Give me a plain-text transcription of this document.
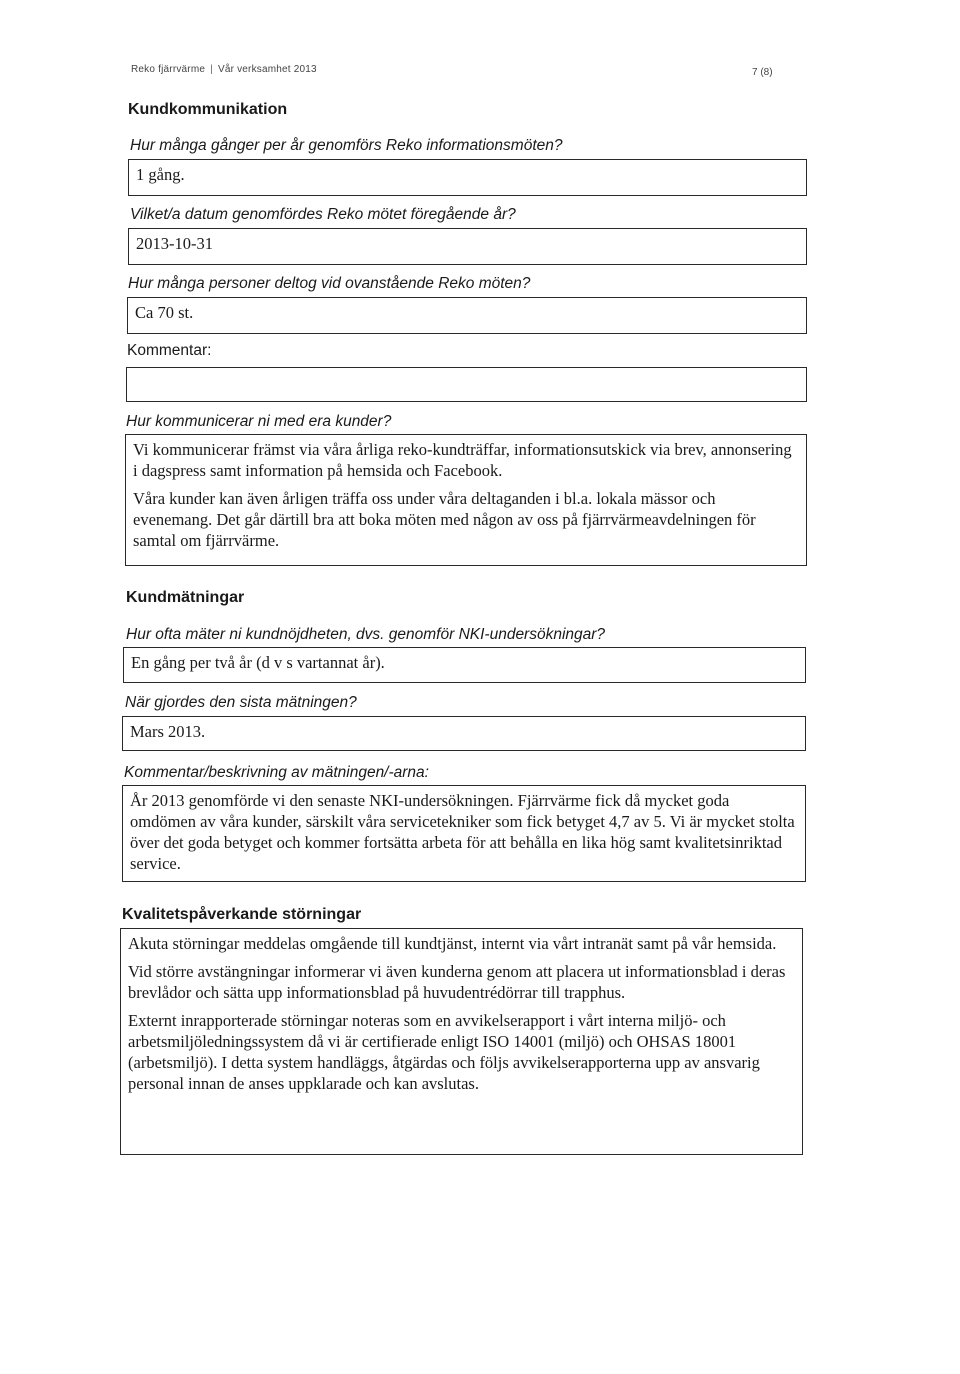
Reko fjärrvärme | Vår verksamhet 2013	7 (8)
Kundkommunikation
Hur många gånger per år genomförs Reko informationsmöten?

1 gång.

Vilket/a datum genomfördes Reko mötet föregående år?

2013-10-31

Hur många personer deltog vid ovanstående Reko möten?

Ca 70 st.

Kommentar:

Hur kommunicerar ni med era kunder?

Vi kommunicerar främst via våra årliga reko-kundträffar, informationsutskick via brev, annonsering i dagspress samt information på hemsida och Facebook.

Våra kunder kan även årligen träffa oss under våra deltaganden i bl.a. lokala mässor och evenemang. Det går därtill bra att boka möten med någon av oss på fjärrvärmeavdelningen för samtal om fjärrvärme.

Kundmätningar
Hur ofta mäter ni kundnöjdheten, dvs. genomför NKI-undersökningar?

En gång per två år (d v s vartannat år).

När gjordes den sista mätningen?

Mars 2013.

Kommentar/beskrivning av mätningen/-arna:

År 2013 genomförde vi den senaste NKI-undersökningen. Fjärrvärme fick då mycket goda omdömen av våra kunder, särskilt våra servicetekniker som fick betyget 4,7 av 5. Vi är mycket stolta över det goda betyget och kommer fortsätta arbeta för att behålla en lika hög samt kvalitetsinriktad service.

Kvalitetspåverkande störningar

Akuta störningar meddelas omgående till kundtjänst, internt via vårt intranät samt på vår hemsida.

Vid större avstängningar informerar vi även kunderna genom att placera ut informationsblad i deras brevlådor och sätta upp informationsblad på huvudentrédörrar till trapphus.

Externt inrapporterade störningar noteras som en avvikelserapport i vårt interna miljö- och arbetsmiljöledningssystem då vi är certifierade enligt ISO 14001 (miljö) och OHSAS 18001 (arbetsmiljö). I detta system handläggs, åtgärdas och följs avvikelserapporterna upp av ansvarig personal innan de anses uppklarade och kan avslutas.
